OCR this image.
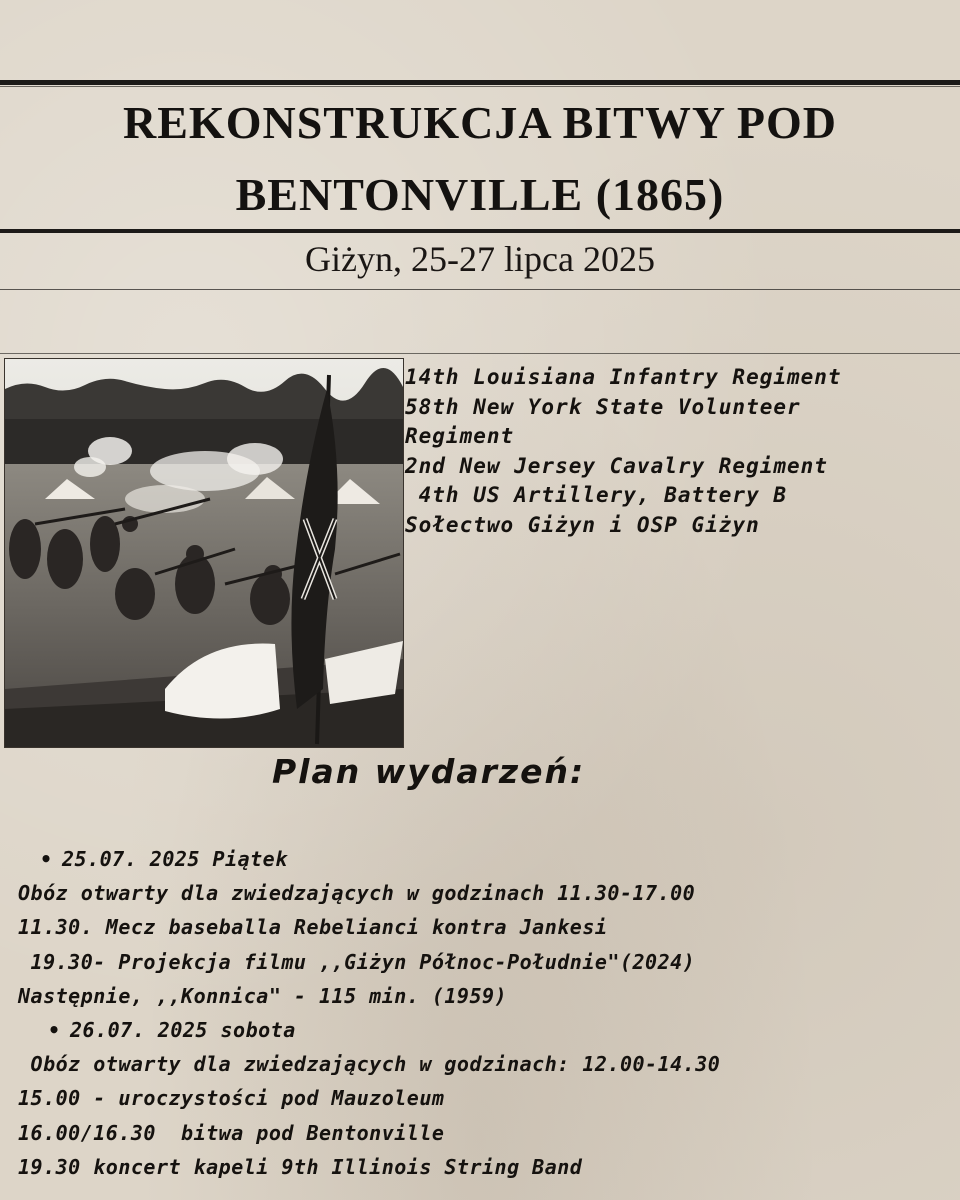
REKONSTRUKCJA BITWY POD
BENTONVILLE (1865)
Giżyn, 25-27 lipca 2025
14th Louisiana Infantry Regiment
58th New York State Volunteer Regiment
2nd New Jersey Cavalry Regiment
4th US Artillery, Battery B
Sołectwo Giżyn i OSP Giżyn
Plan wydarzeń:
• 25.07. 2025 Piątek
Obóz otwarty dla zwiedzających w godzinach 11.30-17.00
11.30. Mecz baseballa Rebelianci kontra Jankesi
19.30- Projekcja filmu ,,Giżyn Północ-Południe"(2024)
Następnie, ,,Konnica" - 115 min. (1959)
• 26.07. 2025 sobota
Obóz otwarty dla zwiedzających w godzinach: 12.00-14.30
15.00 - uroczystości pod Mauzoleum
16.00/16.30  bitwa pod Bentonville
19.30 koncert kapeli 9th Illinois String Band
